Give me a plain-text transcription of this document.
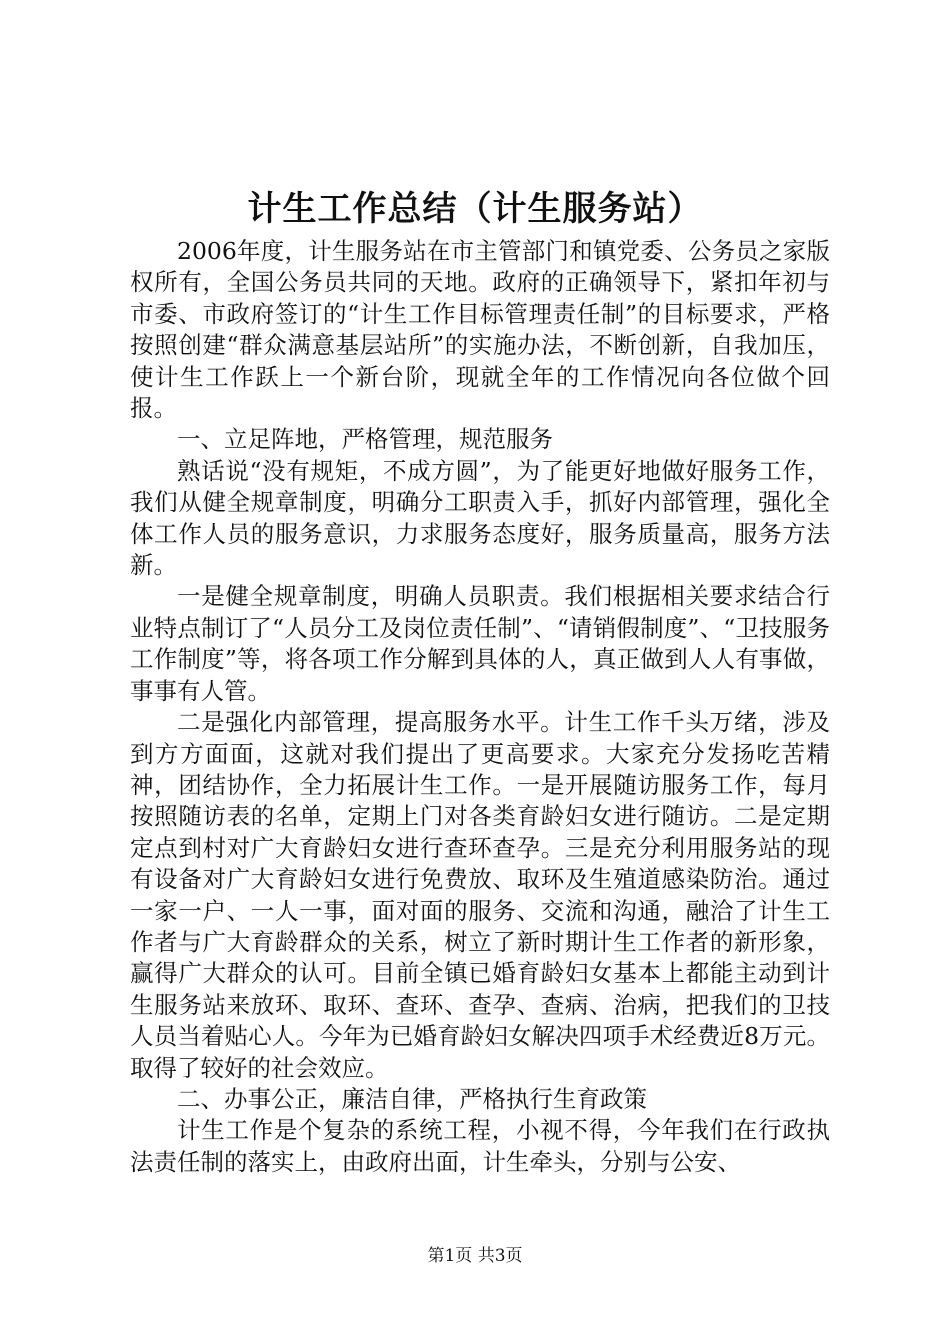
计生工作总结（计生服务站）

2006年度，计生服务站在市主管部门和镇党委、公务员之家版权所有，全国公务员共同的天地。政府的正确领导下，紧扣年初与市委、市政府签订的“计生工作目标管理责任制”的目标要求，严格按照创建“群众满意基层站所”的实施办法，不断创新，自我加压，使计生工作跃上一个新台阶，现就全年的工作情况向各位做个回报。

一、立足阵地，严格管理，规范服务

熟话说“没有规矩，不成方圆”，为了能更好地做好服务工作，我们从健全规章制度，明确分工职责入手，抓好内部管理，强化全体工作人员的服务意识，力求服务态度好，服务质量高，服务方法新。

一是健全规章制度，明确人员职责。我们根据相关要求结合行业特点制订了“人员分工及岗位责任制”、“请销假制度”、“卫技服务工作制度”等，将各项工作分解到具体的人，真正做到人人有事做，事事有人管。

二是强化内部管理，提高服务水平。计生工作千头万绪，涉及到方方面面，这就对我们提出了更高要求。大家充分发扬吃苦精神，团结协作，全力拓展计生工作。一是开展随访服务工作，每月按照随访表的名单，定期上门对各类育龄妇女进行随访。二是定期定点到村对广大育龄妇女进行查环查孕。三是充分利用服务站的现有设备对广大育龄妇女进行免费放、取环及生殖道感染防治。通过一家一户、一人一事，面对面的服务、交流和沟通，融洽了计生工作者与广大育龄群众的关系，树立了新时期计生工作者的新形象，赢得广大群众的认可。目前全镇已婚育龄妇女基本上都能主动到计生服务站来放环、取环、查环、查孕、查病、治病，把我们的卫技人员当着贴心人。今年为已婚育龄妇女解决四项手术经费近8万元。取得了较好的社会效应。

二、办事公正，廉洁自律，严格执行生育政策

计生工作是个复杂的系统工程，小视不得，今年我们在行政执法责任制的落实上，由政府出面，计生牵头，分别与公安、

第1页 共3页
